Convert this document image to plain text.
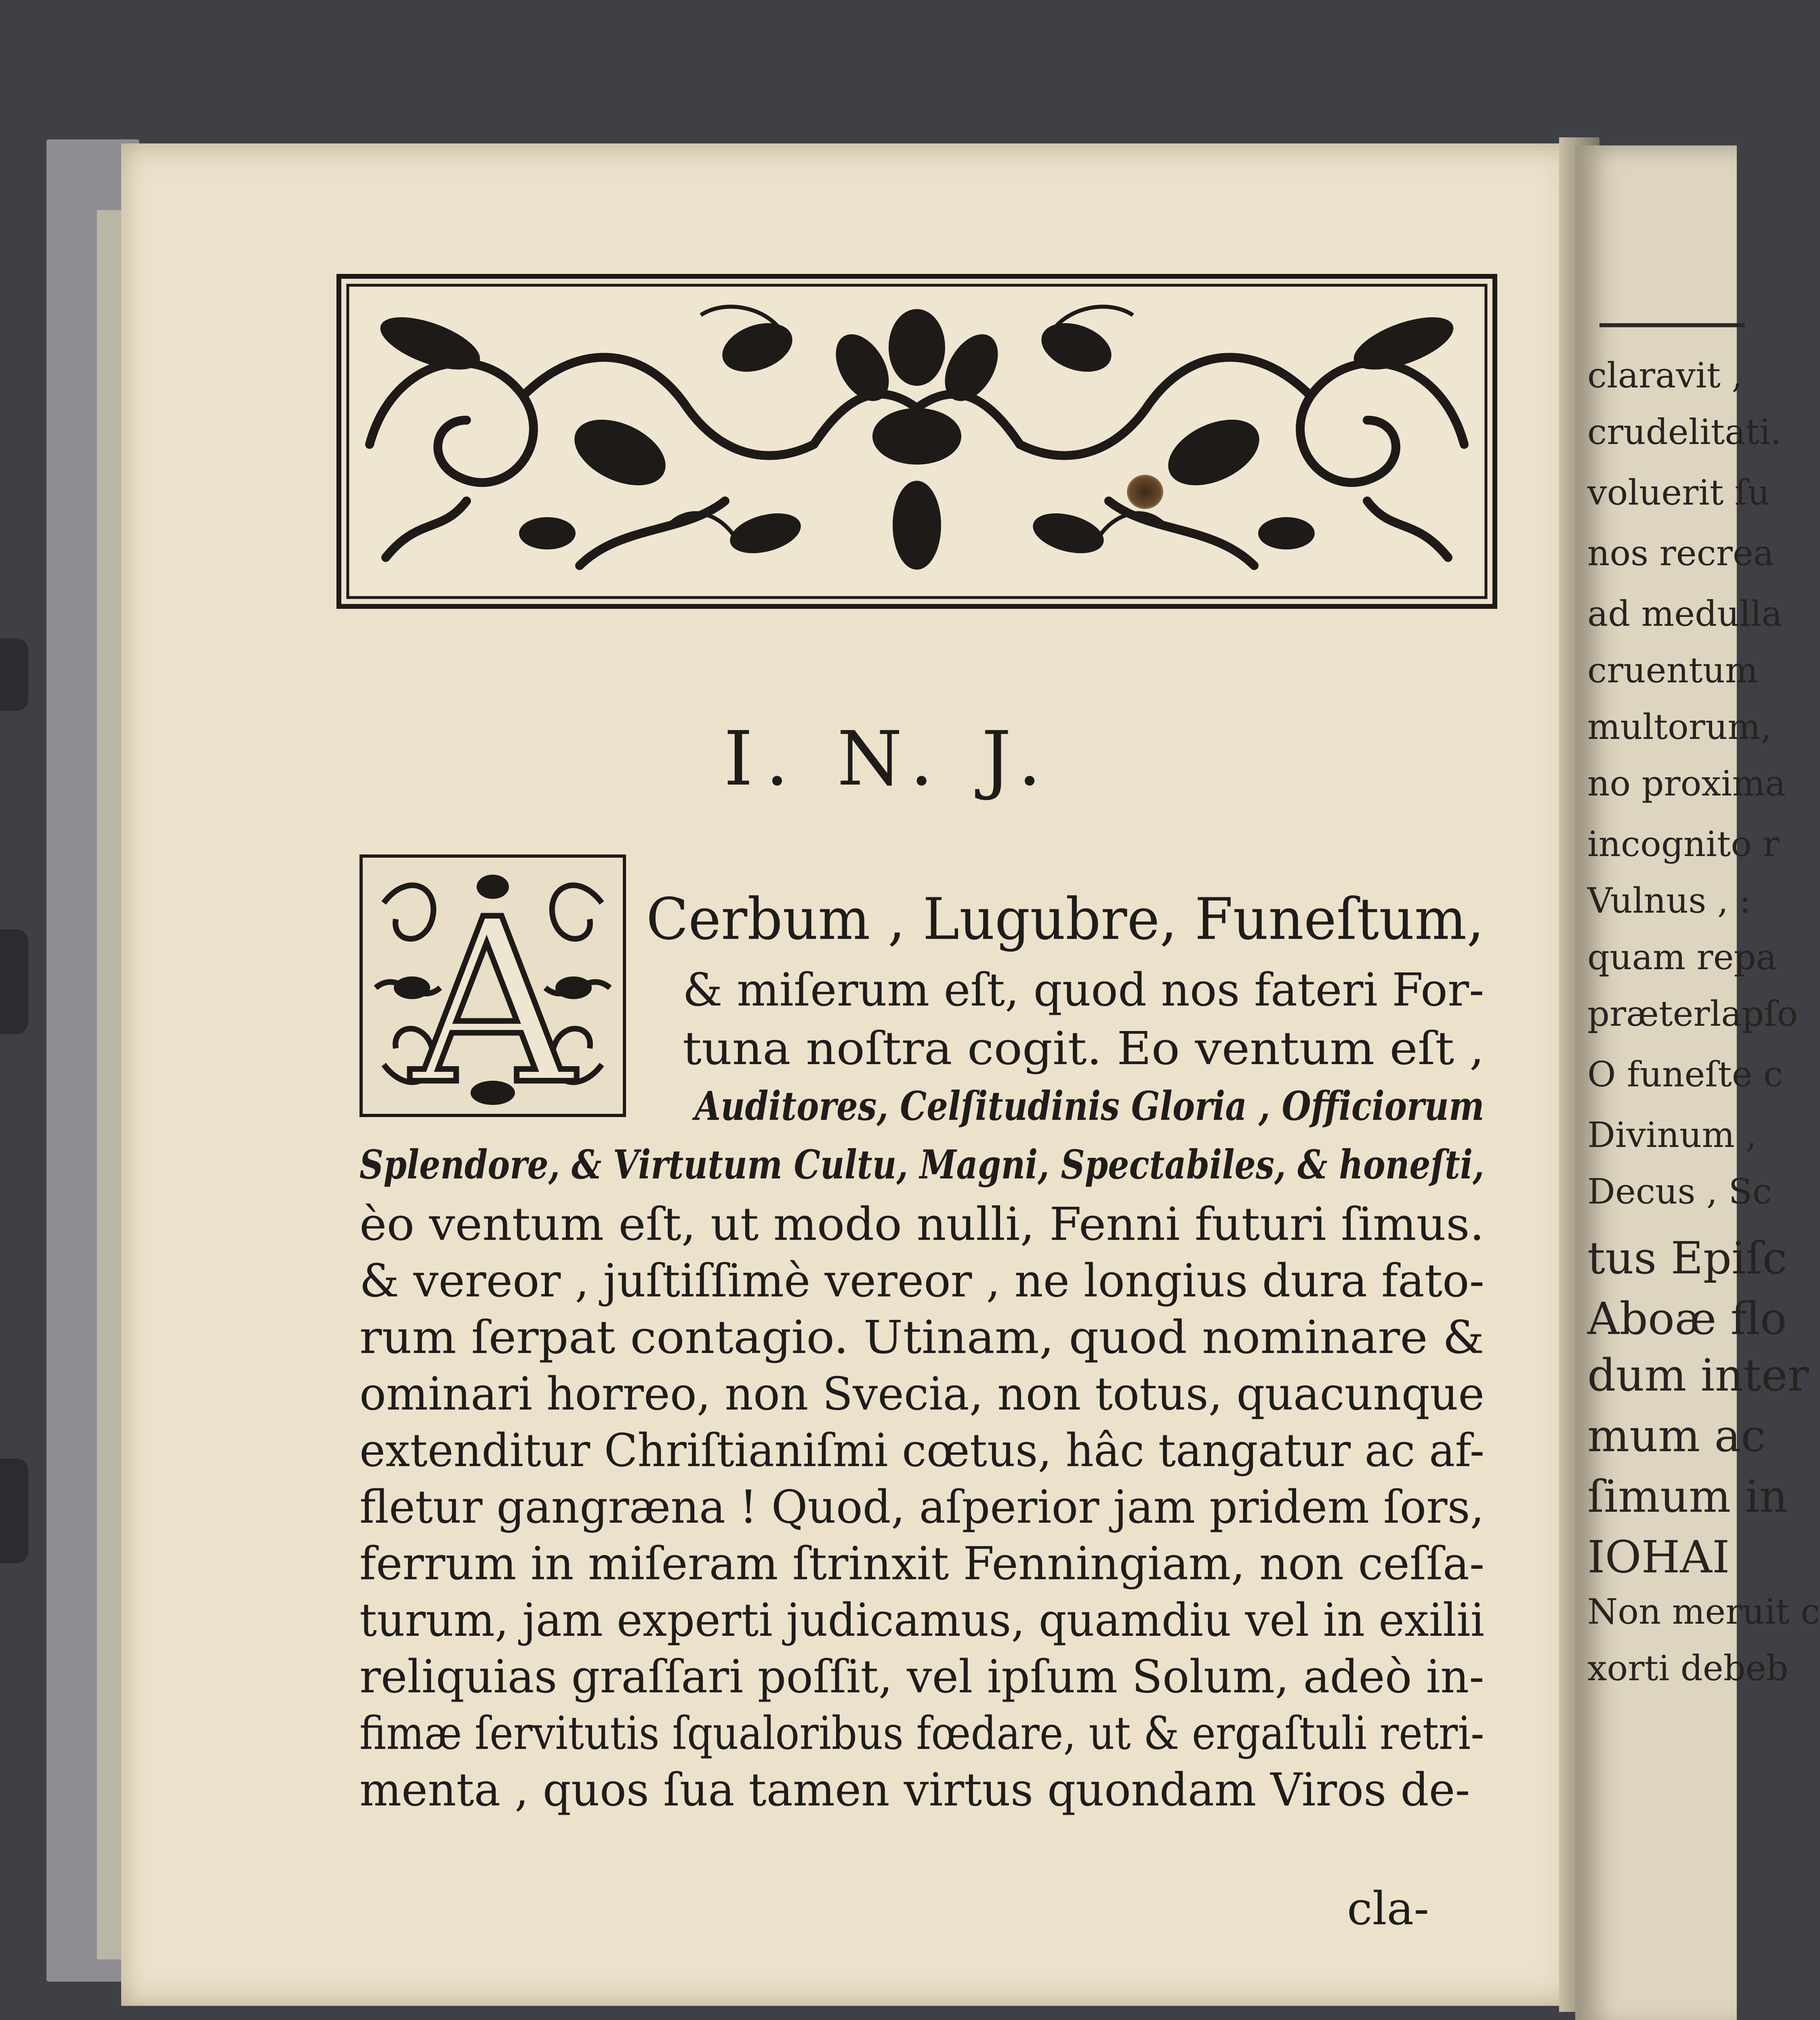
claravit ,
crudelitati.
voluerit ſu
nos recrea
ad medulla
cruentum
multorum,
no proxima
incognito r
Vulnus , :
quam repa
præterlapſo
O funeſte c
Divinum ,
Decus , Sc
tus Epiſc
Aboæ flo
dum inter
mum ac
ſimum in
IOHAI
Non meruit c
xorti debeb
I. N. J.
A Cerbum , Lugubre, Funeſtum,
& miſerum eſt, quod nos fateri For-
tuna noſtra cogit. Eo ventum eſt ,
Auditores, Celſitudinis Gloria , Officiorum
Splendore, & Virtutum Cultu, Magni, Spectabiles, & honeſti,
èo ventum eſt, ut modo nulli, Fenni futuri ſimus.
& vereor , juſtiſſimè vereor , ne longius dura fato-
rum ſerpat contagio. Utinam, quod nominare &
ominari horreo, non Svecia, non totus, quacunque
extenditur Chriſtianiſmi cœtus, hâc tangatur ac af-
fletur gangræna ! Quod, aſperior jam pridem ſors,
ferrum in miſeram ſtrinxit Fenningiam, non ceſſa-
turum, jam experti judicamus, quamdiu vel in exilii
reliquias graſſari poſſit, vel ipſum Solum, adeò in-
fimæ ſervitutis ſqualoribus fœdare, ut & ergaſtuli retri-
menta , quos ſua tamen virtus quondam Viros de-
cla-
